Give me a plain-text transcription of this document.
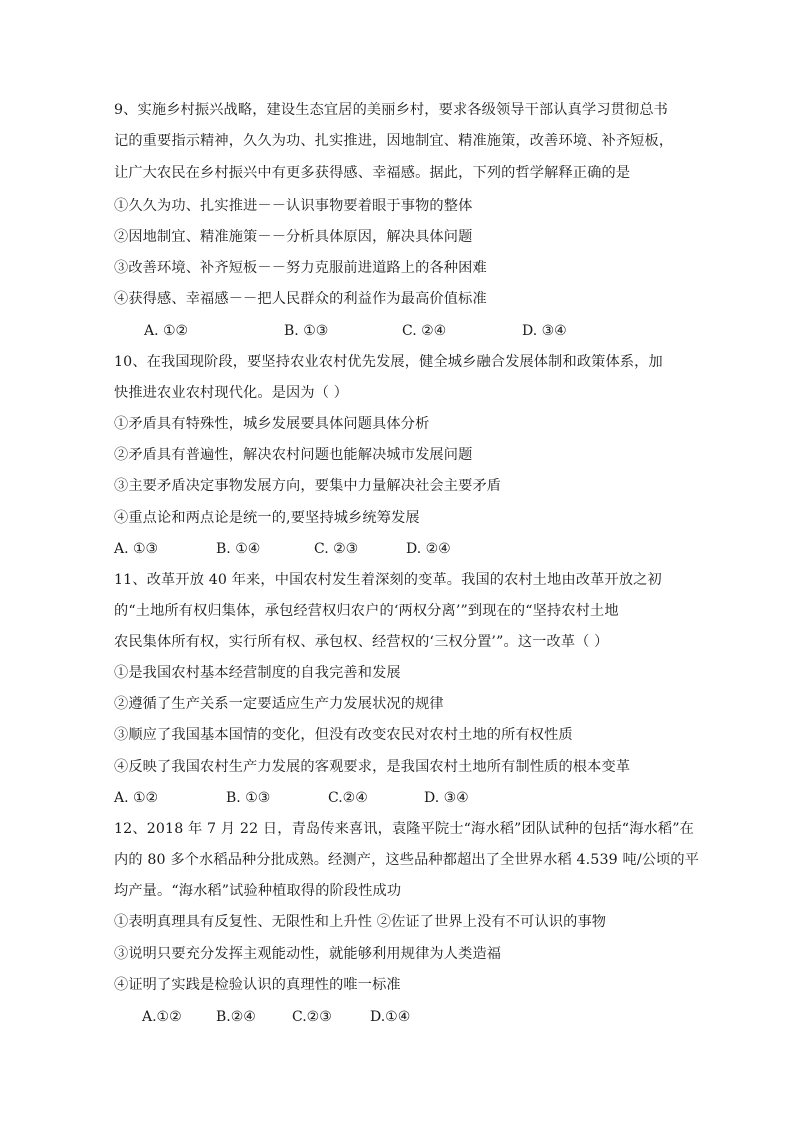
9、实施乡村振兴战略，建设生态宜居的美丽乡村，要求各级领导干部认真学习贯彻总书
记的重要指示精神，久久为功、扎实推进，因地制宜、精准施策，改善环境、补齐短板，
让广大农民在乡村振兴中有更多获得感、幸福感。据此，下列的哲学解释正确的是
①久久为功、扎实推进－－认识事物要着眼于事物的整体
②因地制宜、精准施策－－分析具体原因，解决具体问题
③改善环境、补齐短板－－努力克服前进道路上的各种困难
④获得感、幸福感－－把人民群众的利益作为最高价值标准
A. ①②	B. ①③	C. ②④	D. ③④
10、在我国现阶段，要坚持农业农村优先发展，健全城乡融合发展体制和政策体系，加
快推进农业农村现代化。是因为（ ）
①矛盾具有特殊性，城乡发展要具体问题具体分析
②矛盾具有普遍性，解决农村问题也能解决城市发展问题
③主要矛盾决定事物发展方向，要集中力量解决社会主要矛盾
④重点论和两点论是统一的,要坚持城乡统筹发展
A. ①③	B. ①④	C. ②③	D. ②④
11、改革开放 40 年来，中国农村发生着深刻的变革。我国的农村土地由改革开放之初
的“土地所有权归集体，承包经营权归农户的‘两权分离’”到现在的“坚持农村土地
农民集体所有权，实行所有权、承包权、经营权的‘三权分置’”。这一改革（ ）
①是我国农村基本经营制度的自我完善和发展
②遵循了生产关系一定要适应生产力发展状况的规律
③顺应了我国基本国情的变化，但没有改变农民对农村土地的所有权性质
④反映了我国农村生产力发展的客观要求，是我国农村土地所有制性质的根本变革
A. ①②	B. ①③	C.②④	D. ③④
12、2018 年 7 月 22 日，青岛传来喜讯，袁隆平院士“海水稻”团队试种的包括“海水稻”在
内的 80 多个水稻品种分批成熟。经测产，这些品种都超出了全世界水稻 4.539 吨/公顷的平
均产量。“海水稻”试验种植取得的阶段性成功
①表明真理具有反复性、无限性和上升性 ②佐证了世界上没有不可认识的事物
③说明只要充分发挥主观能动性，就能够利用规律为人类造福
④证明了实践是检验认识的真理性的唯一标准
A.①② B.②④	C.②③	D.①④
